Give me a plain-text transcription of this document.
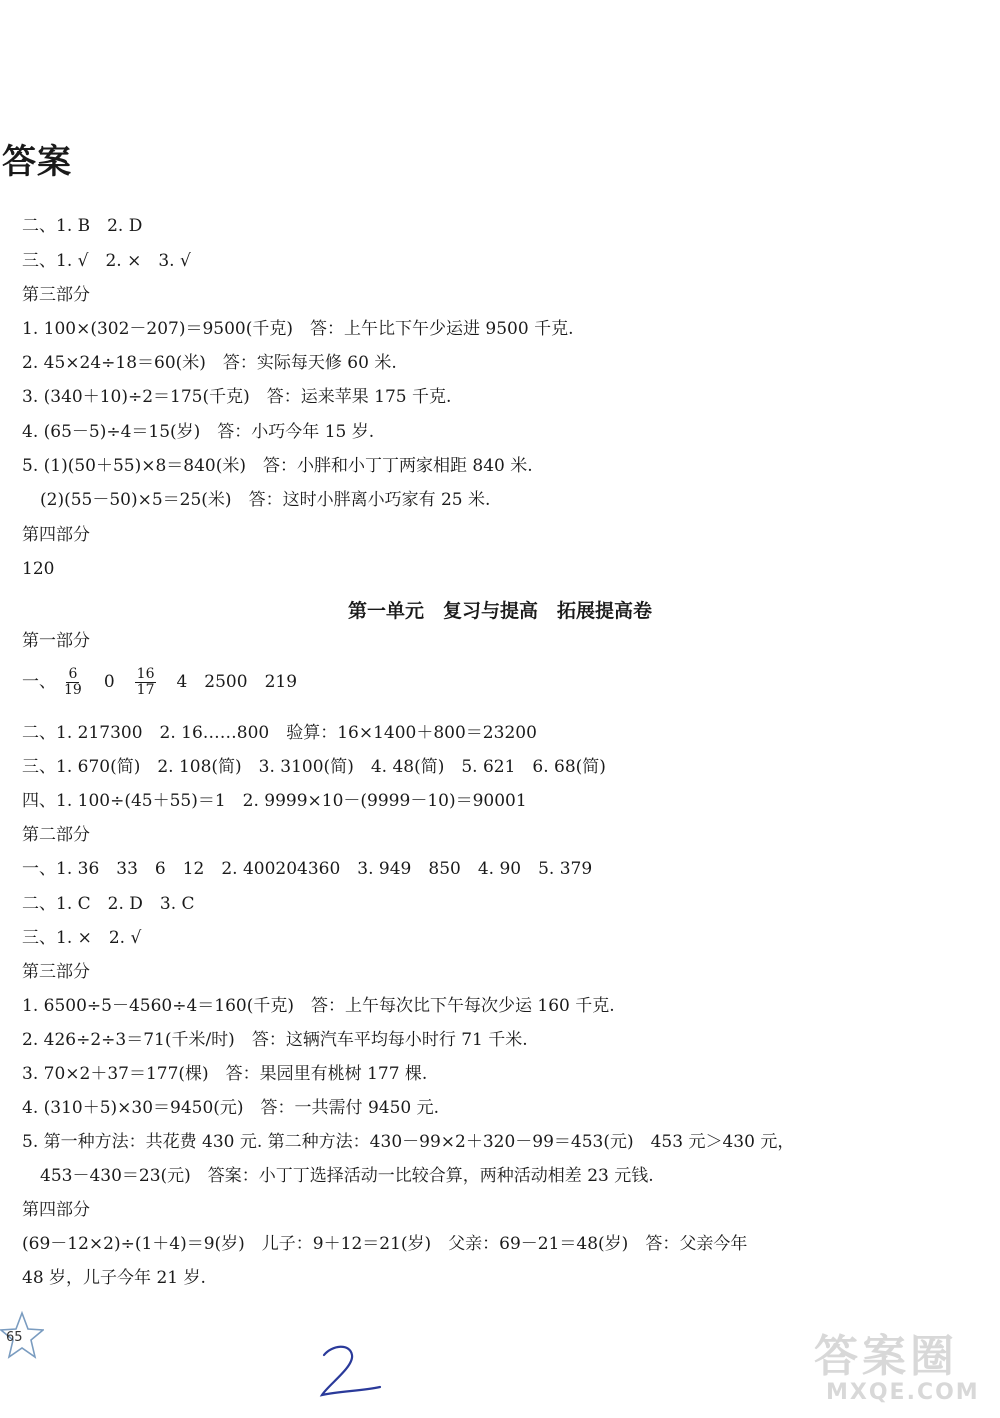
答案
二、1. B　2. D
三、1. √　2. ×　3. √
第三部分
1. 100×(302－207)＝9500(千克)　答：上午比下午少运进 9500 千克.
2. 45×24÷18＝60(米)　答：实际每天修 60 米.
3. (340＋10)÷2＝175(千克)　答：运来苹果 175 千克.
4. (65－5)÷4＝15(岁)　答：小巧今年 15 岁.
5. (1)(50＋55)×8＝840(米)　答：小胖和小丁丁两家相距 840 米.
(2)(55－50)×5＝25(米)　答：这时小胖离小巧家有 25 米.
第四部分
120
第一单元　复习与提高　拓展提高卷
第一部分
一、 $\frac{6}{19} 0 \frac{16}{17} 4$　2500　219
二、1. 217300　2. 16……800　验算：16×1400＋800＝23200
三、1. 670(简)　2. 108(简)　3. 3100(简)　4. 48(简)　5. 621　6. 68(简)
四、1. 100÷(45＋55)＝1　2. 9999×10－(9999－10)＝90001
第二部分
一、1. 36　33　6　12　2. 400204360　3. 949　850　4. 90　5. 379
二、1. C　2. D　3. C
三、1. ×　2. √
第三部分
1. 6500÷5－4560÷4＝160(千克)　答：上午每次比下午每次少运 160 千克.
2. 426÷2÷3＝71(千米/时)　答：这辆汽车平均每小时行 71 千米.
3. 70×2＋37＝177(棵)　答：果园里有桃树 177 棵.
4. (310＋5)×30＝9450(元)　答：一共需付 9450 元.
5. 第一种方法：共花费 430 元. 第二种方法：430－99×2＋320－99＝453(元)　453 元＞430 元，
453－430＝23(元)　答案：小丁丁选择活动一比较合算，两种活动相差 23 元钱.
第四部分
(69－12×2)÷(1＋4)＝9(岁)　儿子：9＋12＝21(岁)　父亲：69－21＝48(岁)　答：父亲今年
48 岁，儿子今年 21 岁.
65	答案圈
MXQE.COM
